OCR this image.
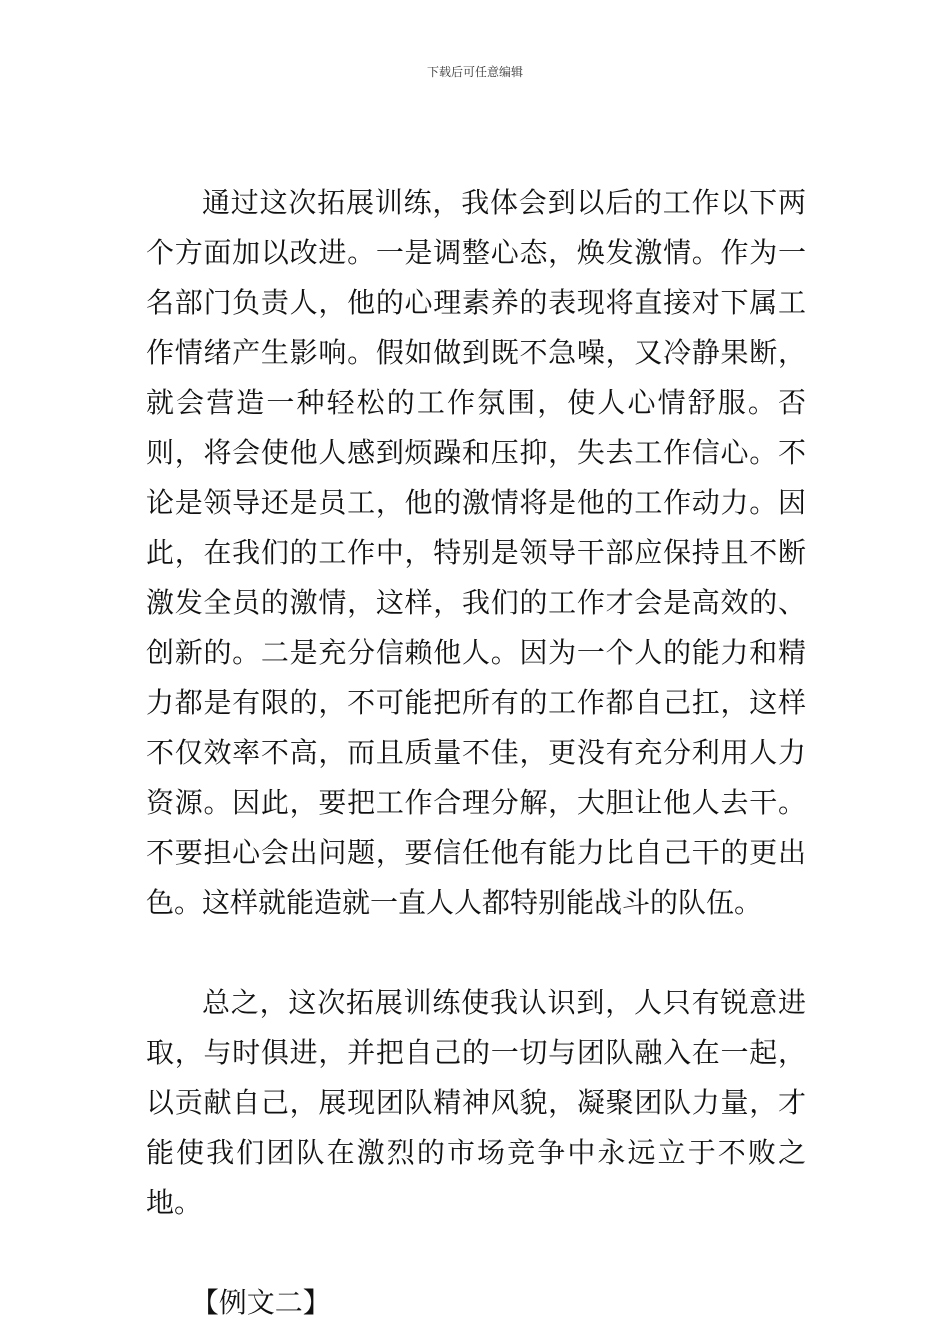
下载后可任意编辑

通过这次拓展训练，我体会到以后的工作以下两个方面加以改进。一是调整心态，焕发激情。作为一名部门负责人，他的心理素养的表现将直接对下属工作情绪产生影响。假如做到既不急噪，又冷静果断，就会营造一种轻松的工作氛围，使人心情舒服。否则，将会使他人感到烦躁和压抑，失去工作信心。不论是领导还是员工，他的激情将是他的工作动力。因此，在我们的工作中，特别是领导干部应保持且不断激发全员的激情，这样，我们的工作才会是高效的、创新的。二是充分信赖他人。因为一个人的能力和精力都是有限的，不可能把所有的工作都自己扛，这样不仅效率不高，而且质量不佳，更没有充分利用人力资源。因此，要把工作合理分解，大胆让他人去干。不要担心会出问题，要信任他有能力比自己干的更出色。这样就能造就一直人人都特别能战斗的队伍。

总之，这次拓展训练使我认识到，人只有锐意进取，与时俱进，并把自己的一切与团队融入在一起，以贡献自己，展现团队精神风貌，凝聚团队力量，才能使我们团队在激烈的市场竞争中永远立于不败之地。

【例文二】
